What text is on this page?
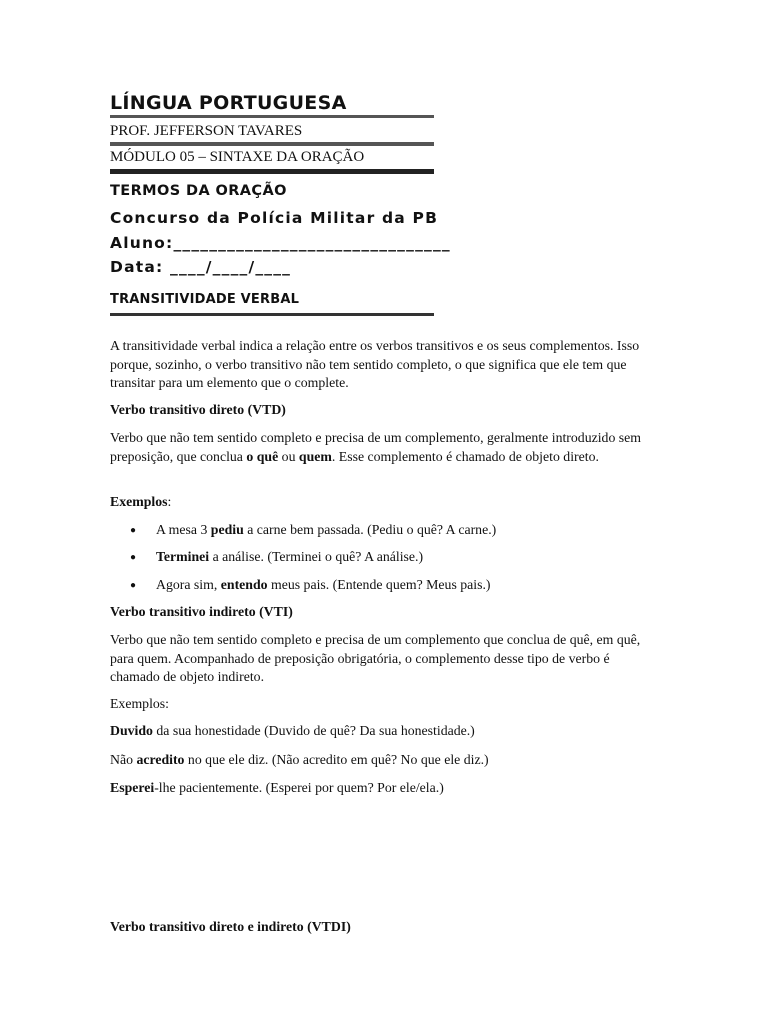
LÍNGUA PORTUGUESA
PROF. JEFFERSON TAVARES
MÓDULO 05 – SINTAXE DA ORAÇÃO
TERMOS DA ORAÇÃO
Concurso da Polícia Militar da PB
Aluno:_______________________________
Data: ____/____/____
TRANSITIVIDADE VERBAL
A transitividade verbal indica a relação entre os verbos transitivos e os seus complementos. Isso porque, sozinho, o verbo transitivo não tem sentido completo, o que significa que ele tem que transitar para um elemento que o complete.
Verbo transitivo direto (VTD)
Verbo que não tem sentido completo e precisa de um complemento, geralmente introduzido sem preposição, que conclua o quê ou quem. Esse complemento é chamado de objeto direto.
Exemplos:
● A mesa 3 pediu a carne bem passada. (Pediu o quê? A carne.)
● Terminei a análise. (Terminei o quê? A análise.)
● Agora sim, entendo meus pais. (Entende quem? Meus pais.)
Verbo transitivo indireto (VTI)
Verbo que não tem sentido completo e precisa de um complemento que conclua de quê, em quê, para quem. Acompanhado de preposição obrigatória, o complemento desse tipo de verbo é chamado de objeto indireto.
Exemplos:
Duvido da sua honestidade (Duvido de quê? Da sua honestidade.)
Não acredito no que ele diz. (Não acredito em quê? No que ele diz.)
Esperei-lhe pacientemente. (Esperei por quem? Por ele/ela.)
Verbo transitivo direto e indireto (VTDI)
